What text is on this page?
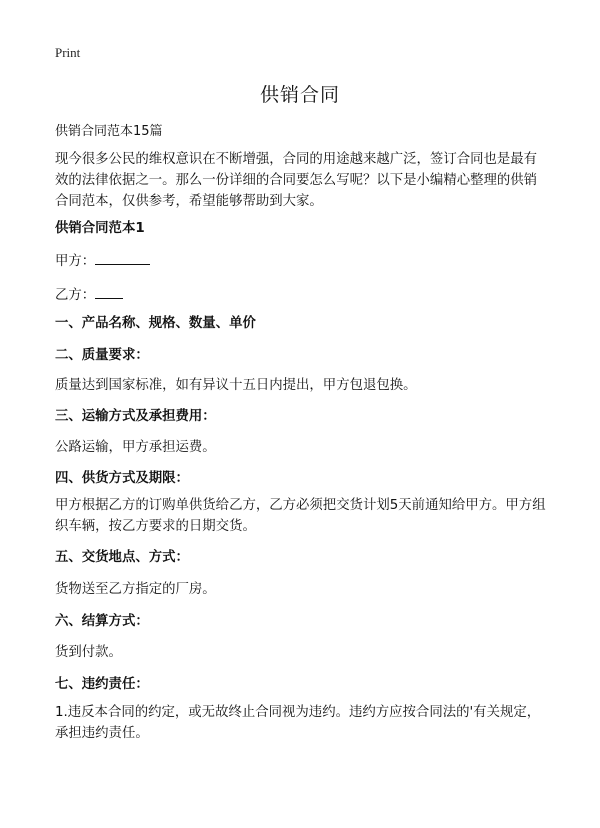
Print
供销合同
供销合同范本15篇
现今很多公民的维权意识在不断增强，合同的用途越来越广泛，签订合同也是最有效的法律依据之一。那么一份详细的合同要怎么写呢？以下是小编精心整理的供销合同范本，仅供参考，希望能够帮助到大家。
供销合同范本1
甲方：
乙方：
一、产品名称、规格、数量、单价
二、质量要求：
质量达到国家标准，如有异议十五日内提出，甲方包退包换。
三、运输方式及承担费用：
公路运输，甲方承担运费。
四、供货方式及期限：
甲方根据乙方的订购单供货给乙方，乙方必须把交货计划5天前通知给甲方。甲方组织车辆，按乙方要求的日期交货。
五、交货地点、方式：
货物送至乙方指定的厂房。
六、结算方式：
货到付款。
七、违约责任：
1.违反本合同的约定，或无故终止合同视为违约。违约方应按合同法的'有关规定，承担违约责任。
